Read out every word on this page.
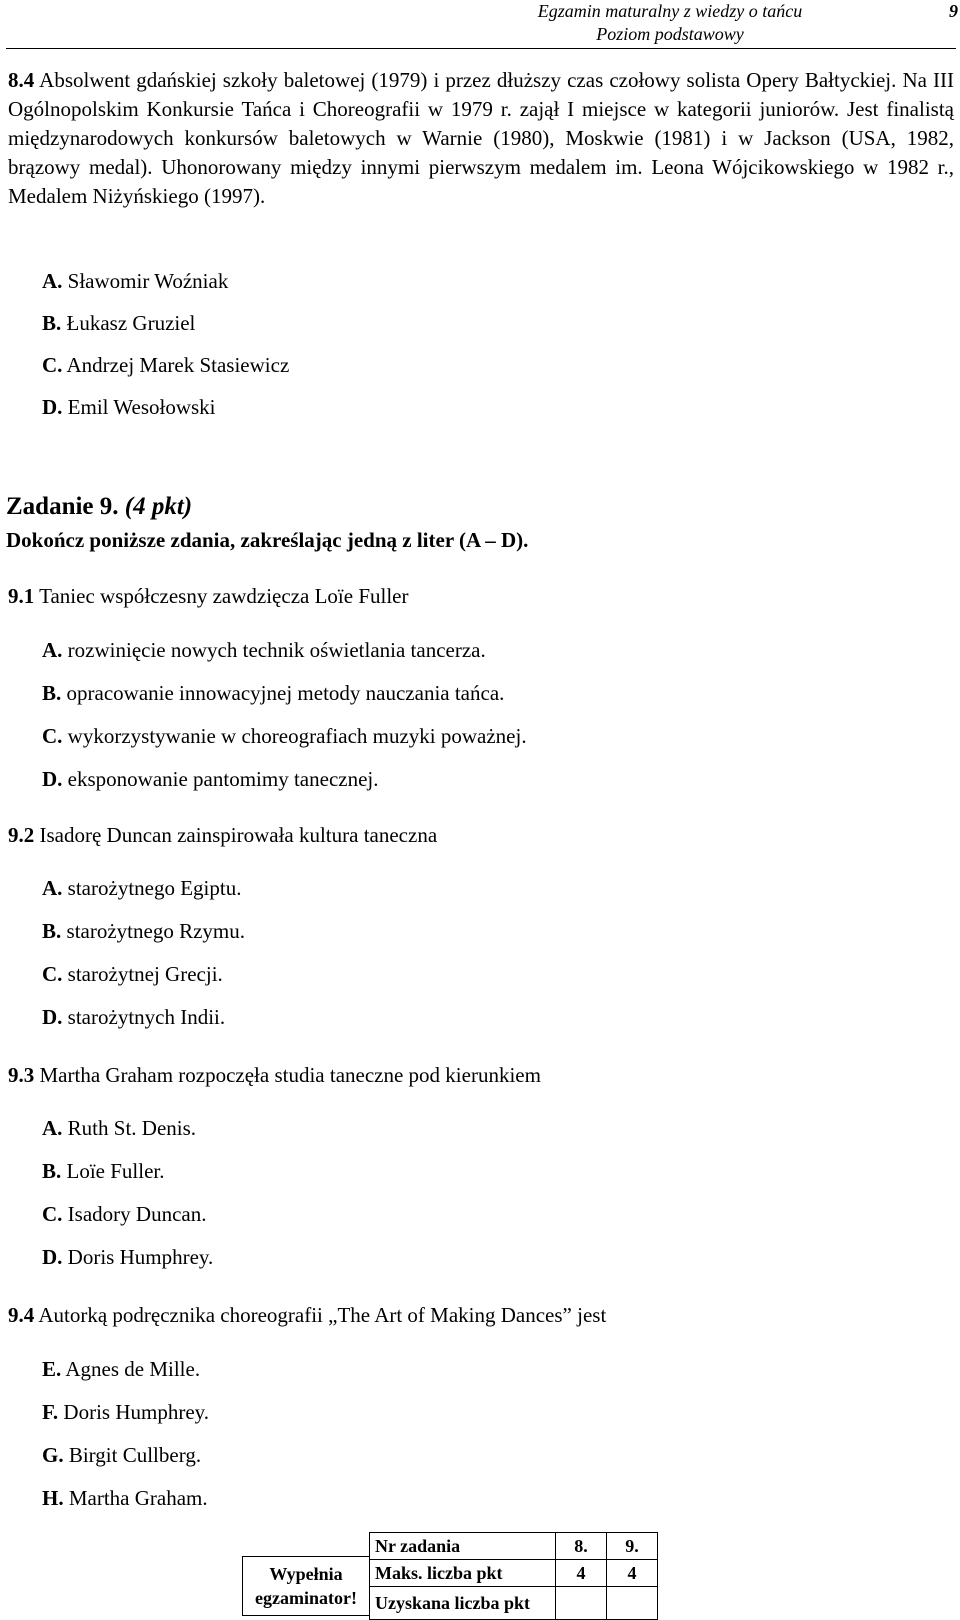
Egzamin maturalny z wiedzy o tańcu
Poziom podstawowy
9
8.4 Absolwent gdańskiej szkoły baletowej (1979) i przez dłuższy czas czołowy solista Opery Bałtyckiej. Na III Ogólnopolskim Konkursie Tańca i Choreografii w 1979 r. zajął I miejsce w kategorii juniorów. Jest finalistą międzynarodowych konkursów baletowych w Warnie (1980), Moskwie (1981) i w Jackson (USA, 1982, brązowy medal). Uhonorowany między innymi pierwszym medalem im. Leona Wójcikowskiego w 1982 r., Medalem Niżyńskiego (1997).
A. Sławomir Woźniak
B. Łukasz Gruziel
C. Andrzej Marek Stasiewicz
D. Emil Wesołowski
Zadanie 9. (4 pkt)
Dokończ poniższe zdania, zakreślając jedną z liter (A – D).
9.1 Taniec współczesny zawdzięcza Loïe Fuller
A. rozwinięcie nowych technik oświetlania tancerza.
B. opracowanie innowacyjnej metody nauczania tańca.
C. wykorzystywanie w choreografiach muzyki poważnej.
D. eksponowanie pantomimy tanecznej.
9.2 Isadorę Duncan zainspirowała kultura taneczna
A. starożytnego Egiptu.
B. starożytnego Rzymu.
C. starożytnej Grecji.
D. starożytnych Indii.
9.3 Martha Graham rozpoczęła studia taneczne pod kierunkiem
A. Ruth St. Denis.
B. Loïe Fuller.
C. Isadory Duncan.
D. Doris Humphrey.
9.4 Autorką podręcznika choreografii „The Art of Making Dances” jest
E. Agnes de Mille.
F. Doris Humphrey.
G. Birgit Cullberg.
H. Martha Graham.
Wypełnia
egzaminator!
Nr zadania	8.	9.
Maks. liczba pkt	4	4
Uzyskana liczba pkt		
